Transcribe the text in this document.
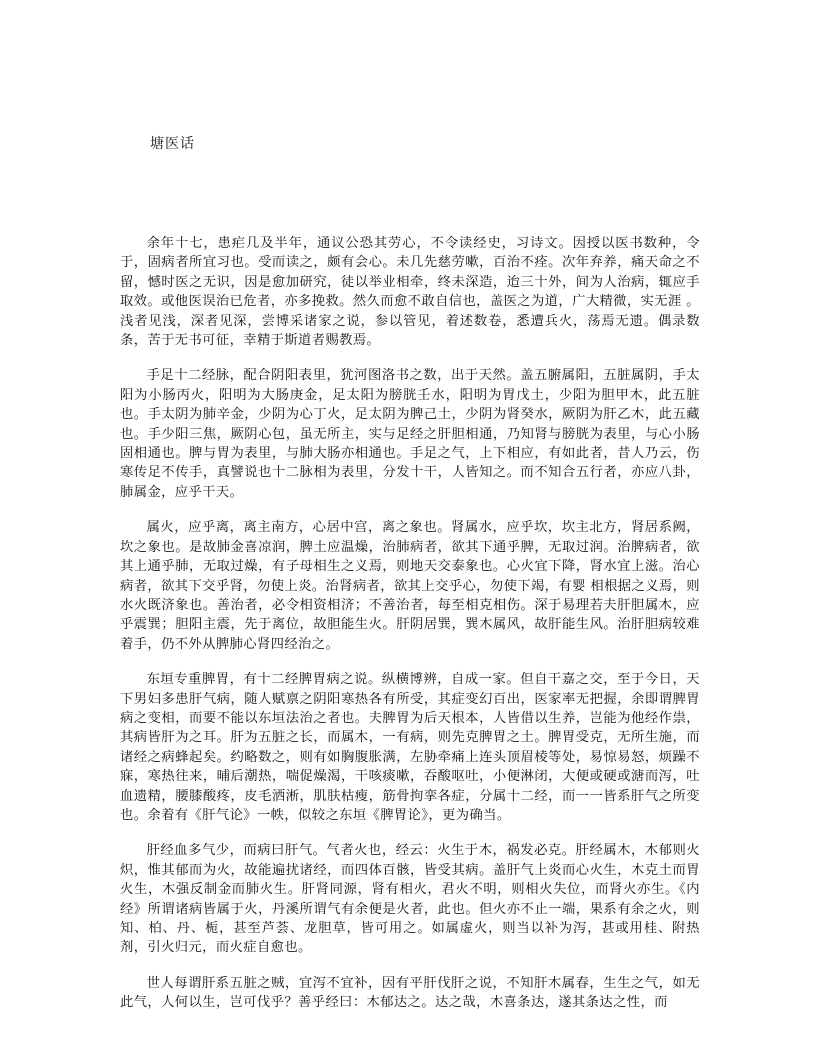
塘医话

余年十七，患疟几及半年，通议公恐其劳心，不令读经史，习诗文。因授以医书数种，令于，固病者所宜习也。受而读之，颇有会心。未几先慈劳嗽，百治不痊。次年弃养，痛天命之不留，憾时医之无识，因是愈加研究，徒以举业相牵，终未深造，迨三十外，间为人治病，辄应手取效。或他医误治已危者，亦多挽救。然久而愈不敢自信也，盖医之为道，广大精微，实无涯 。浅者见浅，深者见深，尝博采诸家之说，参以管见，着述数卷，悉遭兵火，荡焉无遗。偶录数条，苦于无书可征，幸精于斯道者赐教焉。

手足十二经脉，配合阴阳表里，犹河图洛书之数，出于天然。盖五腑属阳，五脏属阴，手太阳为小肠丙火，阳明为大肠庚金，足太阳为膀胱壬水，阳明为胃戊土，少阳为胆甲木，此五脏也。手太阴为肺辛金，少阴为心丁火，足太阴为脾己土，少阴为肾癸水，厥阴为肝乙木，此五藏也。手少阳三焦，厥阴心包，虽无所主，实与足经之肝胆相通，乃知肾与膀胱为表里，与心小肠固相通也。脾与胃为表里，与肺大肠亦相通也。手足之气，上下相应，有如此者，昔人乃云，伤寒传足不传手，真譬说也十二脉相为表里，分发十干，人皆知之。而不知合五行者，亦应八卦，肺属金，应乎干天。

属火，应乎离，离主南方，心居中宫，离之象也。肾属水，应乎坎，坎主北方，肾居系阙，坎之象也。是故肺金喜凉润，脾土应温燥，治肺病者，欲其下通乎脾，无取过润。治脾病者，欲其上通乎肺，无取过燥，有子母相生之义焉，则地天交泰象也。心火宜下降，肾水宜上滋。治心病者，欲其下交乎肾，勿使上炎。治肾病者，欲其上交乎心，勿使下竭，有婴 相根据之义焉，则水火既济象也。善治者，必令相资相济；不善治者，每至相克相伤。深于易理若夫肝胆属木，应乎震巽；胆阳主震，先于离位，故胆能生火。肝阴居巽，巽木属风，故肝能生风。治肝胆病较难着手，仍不外从脾肺心肾四经治之。

东垣专重脾胃，有十二经脾胃病之说。纵横博辨，自成一家。但自干嘉之交，至于今日，天下男妇多患肝气病，随人赋禀之阴阳寒热各有所受，其症变幻百出，医家率无把握，余即谓脾胃病之变相，而要不能以东垣法治之者也。夫脾胃为后天根本，人皆借以生养，岂能为他经作祟，其病皆肝为之耳。肝为五脏之长，而属木，一有病，则先克脾胃之土。脾胃受克，无所生施，而诸经之病蜂起矣。约略数之，则有如胸腹胀满，左胁牵痛上连头顶眉棱等处，易惊易怒，烦躁不寐，寒热往来，晡后潮热，喘促燥渴，干咳痰嗽，吞酸呕吐，小便淋闭，大便或硬或溏而泻，吐血遗精，腰膝酸疼，皮毛洒淅，肌肤枯瘦，筋骨拘挛各症，分属十二经，而一一皆系肝气之所变也。余着有《肝气论》一帙，似较之东垣《脾胃论》，更为确当。

肝经血多气少，而病曰肝气。气者火也，经云：火生于木，祸发必克。肝经属木，木郁则火炽，惟其郁而为火，故能遍扰诸经，而四体百骸，皆受其病。盖肝气上炎而心火生，木克土而胃火生，木强反制金而肺火生。肝肾同源，肾有相火，君火不明，则相火失位，而肾火亦生。《内经》所谓诸病皆属于火，丹溪所谓气有余便是火者，此也。但火亦不止一端，果系有余之火，则知、柏、丹、栀，甚至芦荟、龙胆草，皆可用之。如属虚火，则当以补为泻，甚或用桂、附热剂，引火归元，而火症自愈也。

世人每谓肝系五脏之贼，宜泻不宜补，因有平肝伐肝之说，不知肝木属春，生生之气，如无此气，人何以生，岂可伐乎？善乎经曰：木郁达之。达之哉，木喜条达，遂其条达之性，而
